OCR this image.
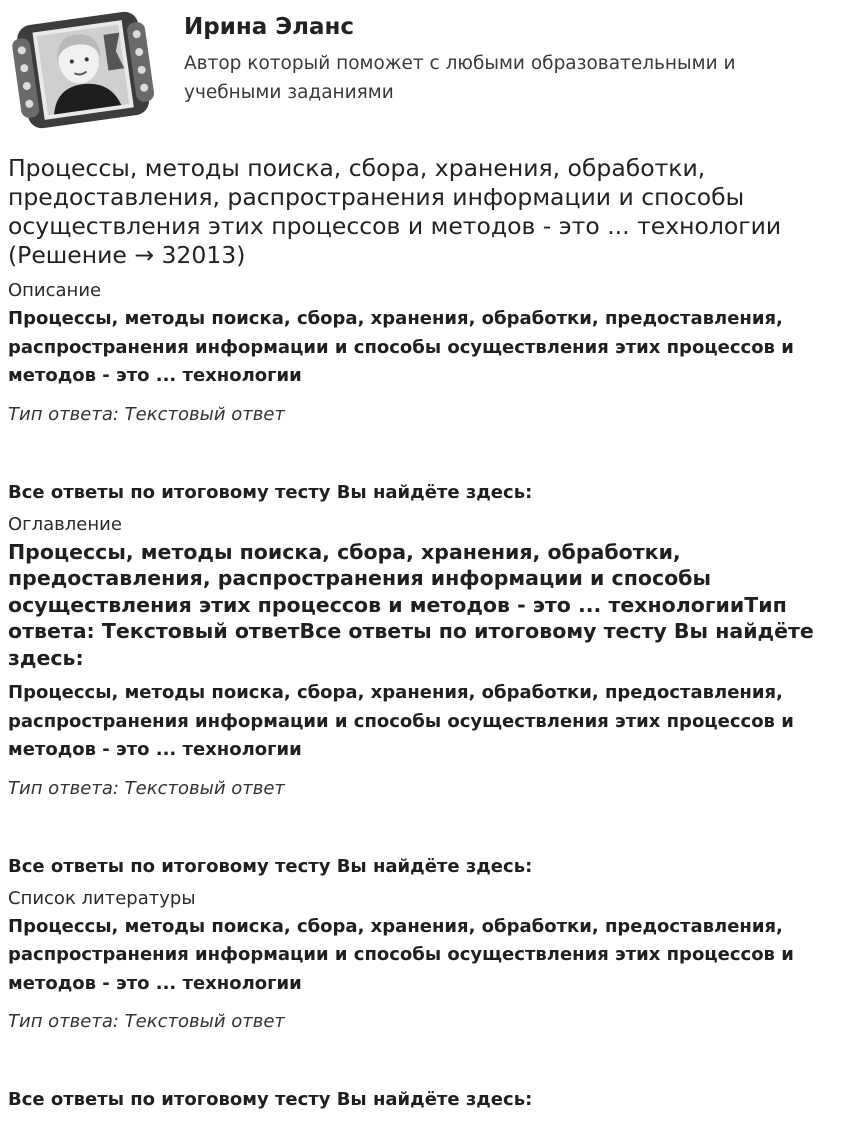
Ирина Эланс
Автор который поможет с любыми образовательными и учебными заданиями
Процессы, методы поиска, сбора, хранения, обработки, предоставления, распространения информации и способы осуществления этих процессов и методов - это ... технологии (Решение → 32013)
Описание
Процессы, методы поиска, сбора, хранения, обработки, предоставления, распространения информации и способы осуществления этих процессов и методов - это ... технологии
Тип ответа: Текстовый ответ
Все ответы по итоговому тесту Вы найдёте здесь:
Оглавление
Процессы, методы поиска, сбора, хранения, обработки, предоставления, распространения информации и способы осуществления этих процессов и методов - это ... технологииТип ответа: Текстовый ответВсе ответы по итоговому тесту Вы найдёте здесь:
Процессы, методы поиска, сбора, хранения, обработки, предоставления, распространения информации и способы осуществления этих процессов и методов - это ... технологии
Тип ответа: Текстовый ответ
Все ответы по итоговому тесту Вы найдёте здесь:
Список литературы
Процессы, методы поиска, сбора, хранения, обработки, предоставления, распространения информации и способы осуществления этих процессов и методов - это ... технологии
Тип ответа: Текстовый ответ
Все ответы по итоговому тесту Вы найдёте здесь:
